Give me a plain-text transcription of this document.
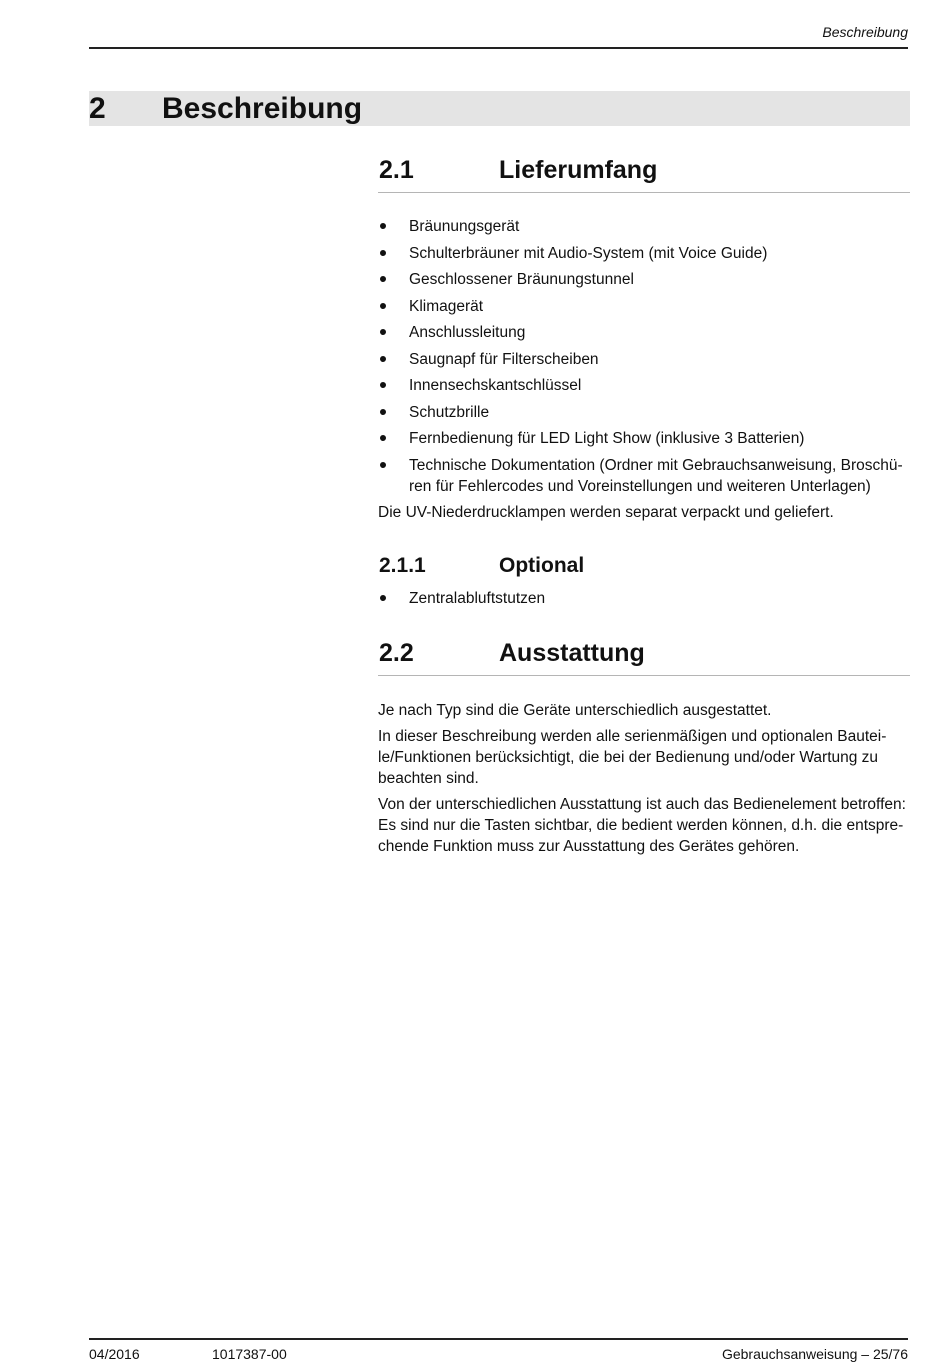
Beschreibung
2 Beschreibung
2.1	Lieferumfang
Bräunungsgerät
Schulterbräuner mit Audio-System (mit Voice Guide)
Geschlossener Bräunungstunnel
Klimagerät
Anschlussleitung
Saugnapf für Filterscheiben
Innensechskantschlüssel
Schutzbrille
Fernbedienung für LED Light Show (inklusive 3 Batterien)
Technische Dokumentation (Ordner mit Gebrauchsanweisung, Broschü-ren für Fehlercodes und Voreinstellungen und weiteren Unterlagen)

Die UV-Niederdrucklampen werden separat verpackt und geliefert.

2.1.1	Optional
Zentralabluftstutzen
2.2	Ausstattung

Je nach Typ sind die Geräte unterschiedlich ausgestattet.

In dieser Beschreibung werden alle serienmäßigen und optionalen Bautei-le/Funktionen berücksichtigt, die bei der Bedienung und/oder Wartung zu beachten sind.

Von der unterschiedlichen Ausstattung ist auch das Bedienelement betroffen: Es sind nur die Tasten sichtbar, die bedient werden können, d.h. die entspre-chende Funktion muss zur Ausstattung des Gerätes gehören.

04/2016	1017387-00	Gebrauchsanweisung – 25/76
